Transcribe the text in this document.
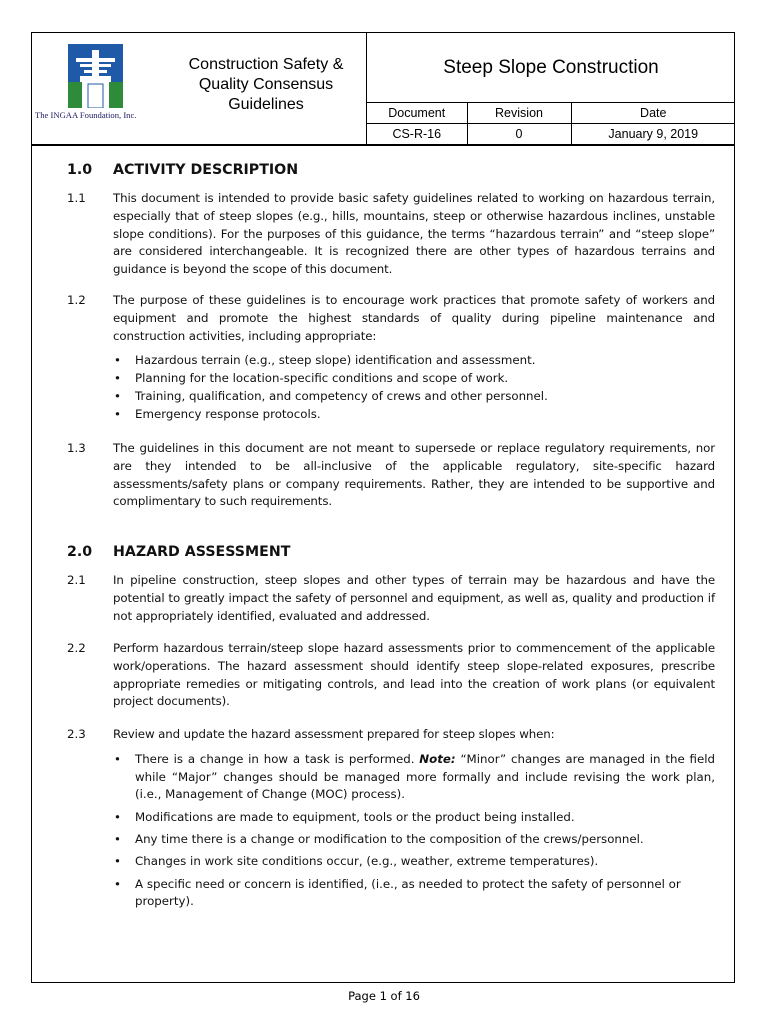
The INGAA Foundation, Inc.
Construction Safety &
Quality Consensus
Guidelines
Steep Slope Construction
Document	Revision	Date
CS-R-16	0	January 9, 2019
1.0 ACTIVITY DESCRIPTION
1.1 This document is intended to provide basic safety guidelines related to working on hazardous terrain, especially that of steep slopes (e.g., hills, mountains, steep or otherwise hazardous inclines, unstable slope conditions). For the purposes of this guidance, the terms “hazardous terrain” and “steep slope” are considered interchangeable. It is recognized there are other types of hazardous terrains and guidance is beyond the scope of this document.
1.2 The purpose of these guidelines is to encourage work practices that promote safety of workers and equipment and promote the highest standards of quality during pipeline maintenance and construction activities, including appropriate:
• Hazardous terrain (e.g., steep slope) identification and assessment.
• Planning for the location-specific conditions and scope of work.
• Training, qualification, and competency of crews and other personnel.
• Emergency response protocols.
1.3 The guidelines in this document are not meant to supersede or replace regulatory requirements, nor are they intended to be all-inclusive of the applicable regulatory, site-specific hazard assessments/safety plans or company requirements. Rather, they are intended to be supportive and complimentary to such requirements.
2.0 HAZARD ASSESSMENT
2.1 In pipeline construction, steep slopes and other types of terrain may be hazardous and have the potential to greatly impact the safety of personnel and equipment, as well as, quality and production if not appropriately identified, evaluated and addressed.
2.2 Perform hazardous terrain/steep slope hazard assessments prior to commencement of the applicable work/operations. The hazard assessment should identify steep slope-related exposures, prescribe appropriate remedies or mitigating controls, and lead into the creation of work plans (or equivalent project documents).
2.3 Review and update the hazard assessment prepared for steep slopes when:
• There is a change in how a task is performed. Note: “Minor” changes are managed in the field while “Major” changes should be managed more formally and include revising the work plan, (i.e., Management of Change (MOC) process).
• Modifications are made to equipment, tools or the product being installed.
• Any time there is a change or modification to the composition of the crews/personnel.
• Changes in work site conditions occur, (e.g., weather, extreme temperatures).
• A specific need or concern is identified, (i.e., as needed to protect the safety of personnel or property).
Page 1 of 16
